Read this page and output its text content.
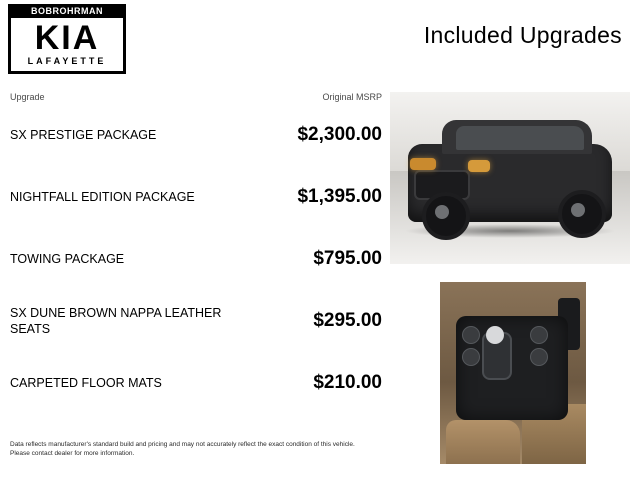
BOBROHRMAN
KIA
LAFAYETTE
Included Upgrades
Upgrade	Original MSRP
SX PRESTIGE PACKAGE	$2,300.00
NIGHTFALL EDITION PACKAGE	$1,395.00
TOWING PACKAGE	$795.00
SX DUNE BROWN NAPPA LEATHER SEATS	$295.00
CARPETED FLOOR MATS	$210.00
Data reflects manufacturer's standard build and pricing and may not accurately reflect the exact condition of this vehicle.
Please contact dealer for more information.
